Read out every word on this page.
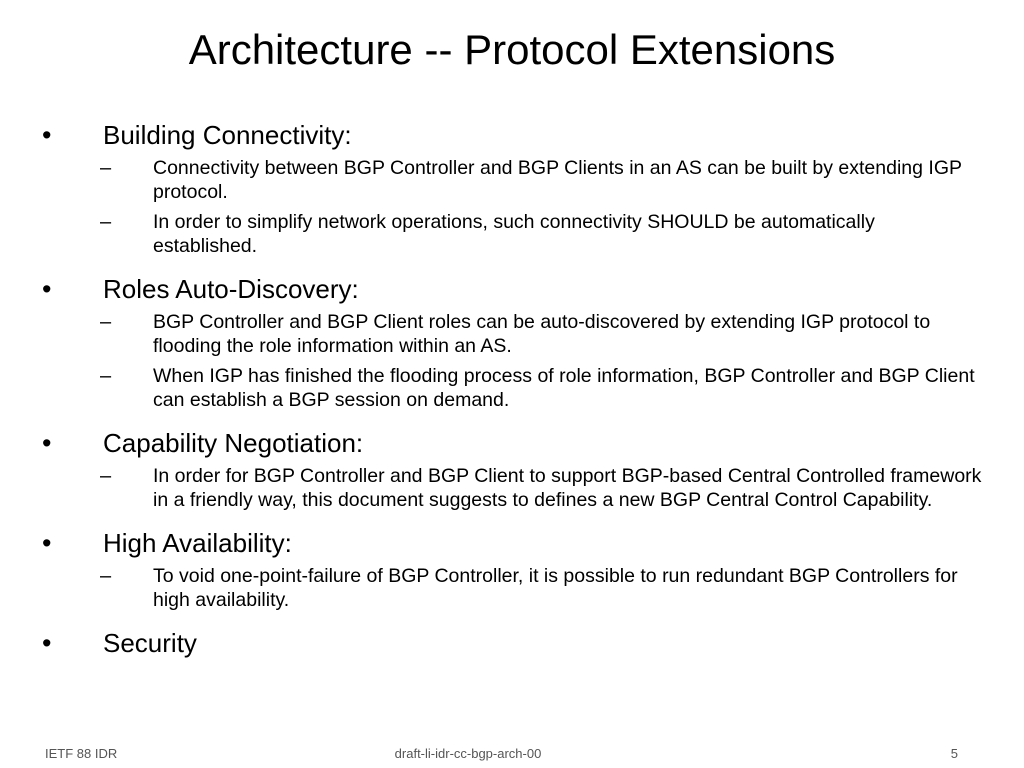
Architecture -- Protocol Extensions
• Building Connectivity:
– Connectivity between BGP Controller and BGP Clients in an AS can be built by extending IGP protocol.
– In order to simplify network operations, such connectivity SHOULD be automatically established.
• Roles Auto-Discovery:
– BGP Controller and BGP Client roles can be auto-discovered by extending IGP protocol to flooding the role information within an AS.
– When IGP has finished the flooding process of role information, BGP Controller and BGP Client can establish a BGP session on demand.
• Capability Negotiation:
– In order for BGP Controller and BGP Client to support BGP-based Central Controlled framework in a friendly way, this document suggests to defines a new BGP Central Control Capability.
• High Availability:
– To void one-point-failure of BGP Controller, it is possible to run redundant BGP Controllers for high availability.
• Security
IETF 88 IDR	draft-li-idr-cc-bgp-arch-00	5
